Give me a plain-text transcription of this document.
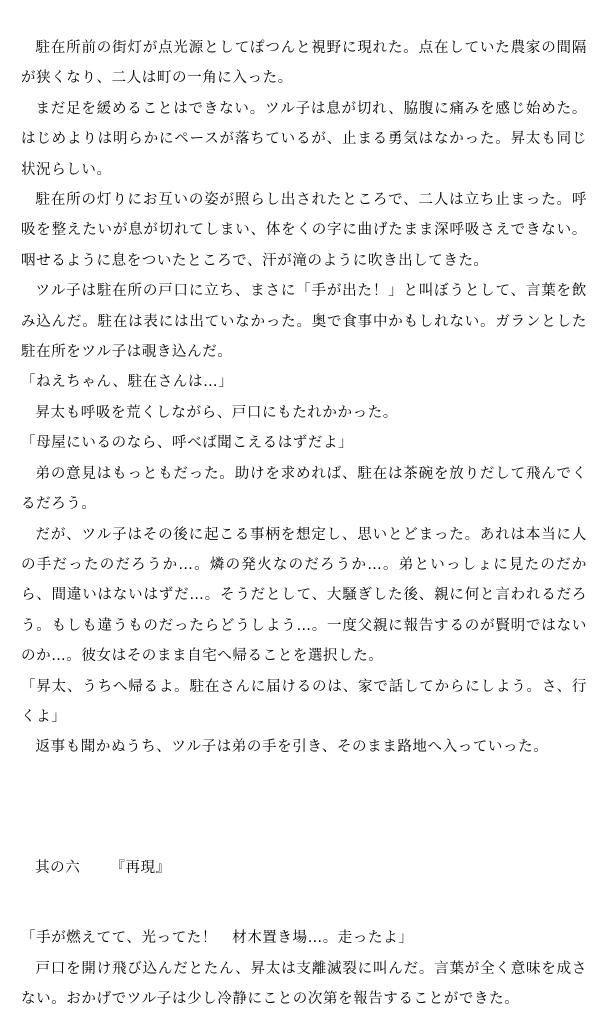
駐在所前の街灯が点光源としてぽつんと視野に現れた。点在していた農家の間隔が狭くなり、二人は町の一角に入った。

まだ足を緩めることはできない。ツル子は息が切れ、脇腹に痛みを感じ始めた。はじめよりは明らかにペースが落ちているが、止まる勇気はなかった。昇太も同じ状況らしい。

駐在所の灯りにお互いの姿が照らし出されたところで、二人は立ち止まった。呼吸を整えたいが息が切れてしまい、体をくの字に曲げたまま深呼吸さえできない。咽せるように息をついたところで、汗が滝のように吹き出してきた。

ツル子は駐在所の戸口に立ち、まさに「手が出た！」と叫ぼうとして、言葉を飲み込んだ。駐在は表には出ていなかった。奥で食事中かもしれない。ガランとした駐在所をツル子は覗き込んだ。

「ねえちゃん、駐在さんは…」

昇太も呼吸を荒くしながら、戸口にもたれかかった。

「母屋にいるのなら、呼べば聞こえるはずだよ」

弟の意見はもっともだった。助けを求めれば、駐在は茶碗を放りだして飛んでくるだろう。

だが、ツル子はその後に起こる事柄を想定し、思いとどまった。あれは本当に人の手だったのだろうか…。燐の発火なのだろうか…。弟といっしょに見たのだから、間違いはないはずだ…。そうだとして、大騒ぎした後、親に何と言われるだろう。もしも違うものだったらどうしよう…。一度父親に報告するのが賢明ではないのか…。彼女はそのまま自宅へ帰ることを選択した。

「昇太、うちへ帰るよ。駐在さんに届けるのは、家で話してからにしよう。さ、行くよ」

返事も聞かぬうち、ツル子は弟の手を引き、そのまま路地へ入っていった。

其の六 『再現』

「手が燃えてて、光ってた！　材木置き場…。走ったよ」

戸口を開け飛び込んだとたん、昇太は支離滅裂に叫んだ。言葉が全く意味を成さない。おかげでツル子は少し冷静にことの次第を報告することができた。
